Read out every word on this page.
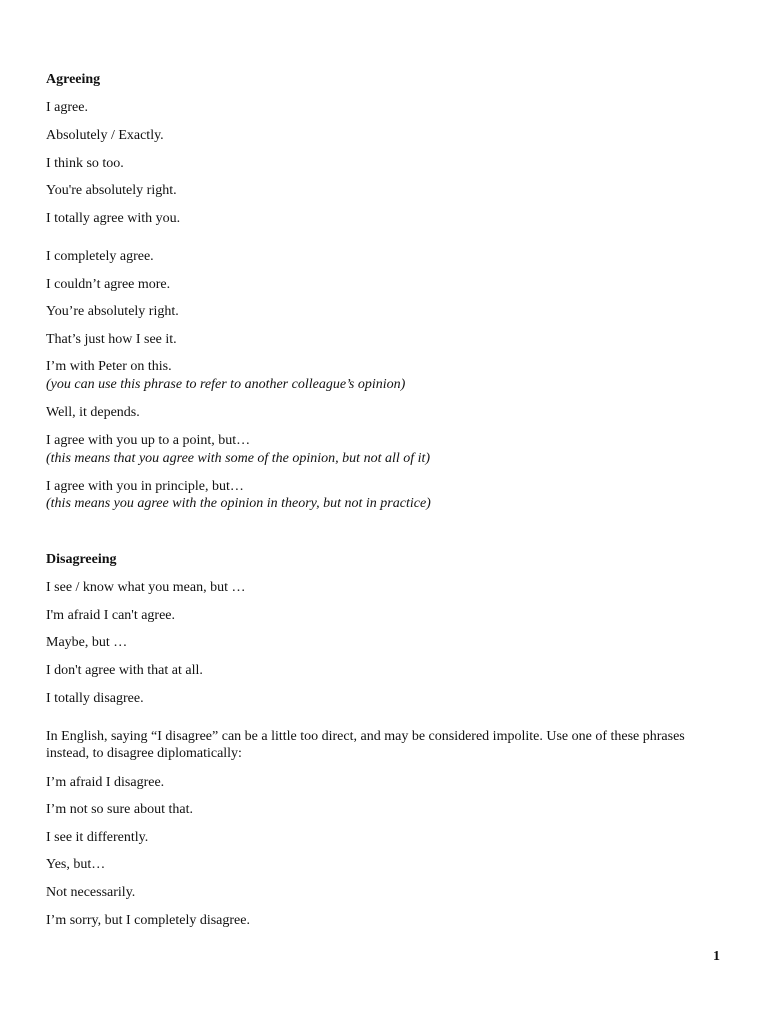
Agreeing
I agree.
Absolutely / Exactly.
I think so too.
You're absolutely right.
I totally agree with you.
I completely agree.
I couldn’t agree more.
You’re absolutely right.
That’s just how I see it.
I’m with Peter on this.
(you can use this phrase to refer to another colleague’s opinion)
Well, it depends.
I agree with you up to a point, but…
(this means that you agree with some of the opinion, but not all of it)
I agree with you in principle, but…
(this means you agree with the opinion in theory, but not in practice)
Disagreeing
I see / know what you mean, but …
I'm afraid I can't agree.
Maybe, but …
I don't agree with that at all.
I totally disagree.
In English, saying “I disagree” can be a little too direct, and may be considered impolite. Use one of these phrases instead, to disagree diplomatically:
I’m afraid I disagree.
I’m not so sure about that.
I see it differently.
Yes, but…
Not necessarily.
I’m sorry, but I completely disagree.
1
